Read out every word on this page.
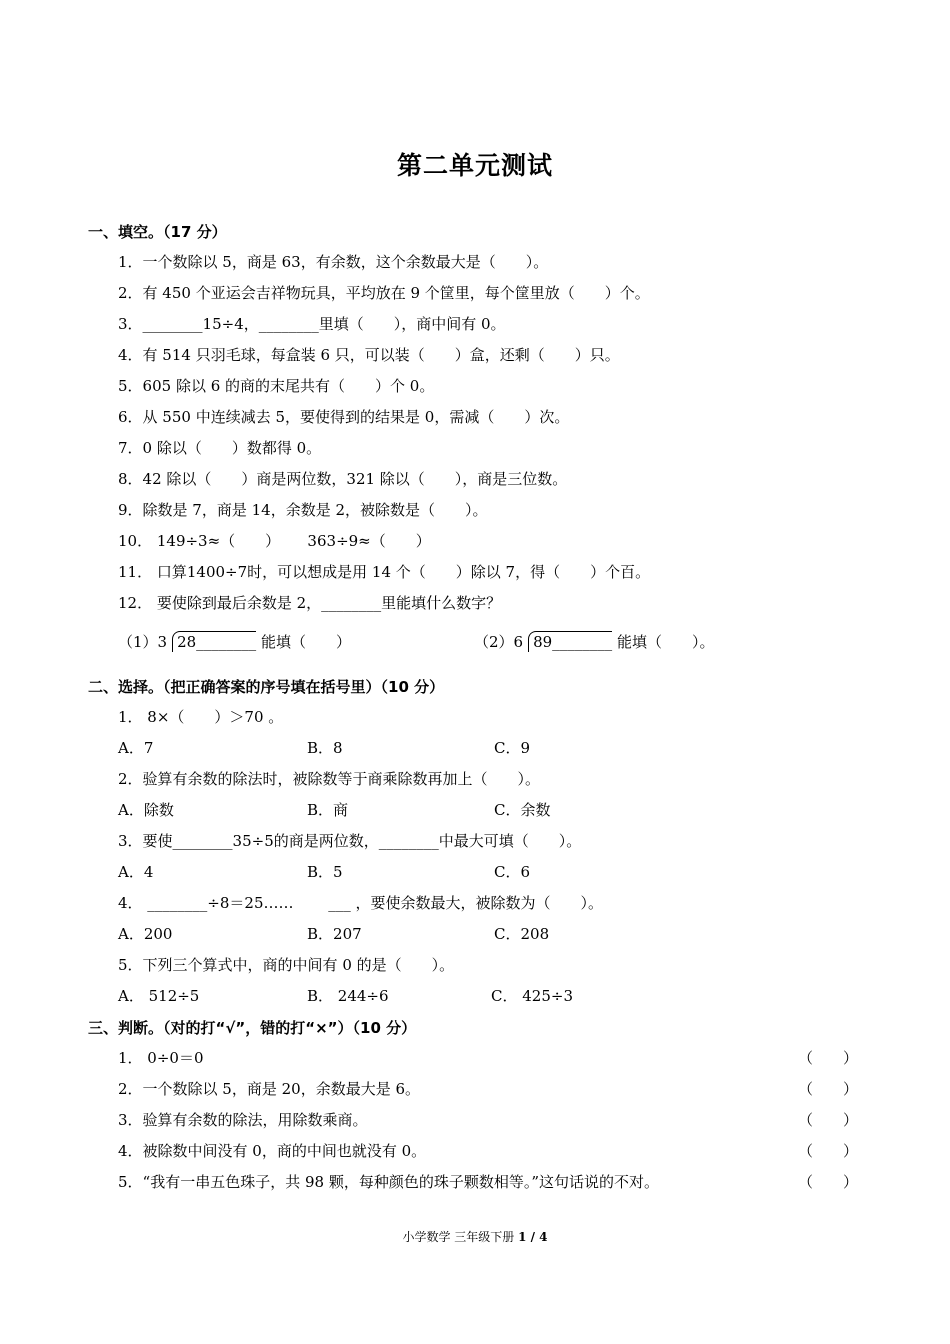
第二单元测试
一、填空。（17 分）
1．一个数除以 5，商是 63，有余数，这个余数最大是（　　）。
2．有 450 个亚运会吉祥物玩具，平均放在 9 个筐里，每个筐里放（　　）个。
3．________15÷4，________里填（　　），商中间有 0。
4．有 514 只羽毛球，每盒装 6 只，可以装（　　）盒，还剩（　　）只。
5．605 除以 6 的商的末尾共有（　　）个 0。
6．从 550 中连续减去 5，要使得到的结果是 0，需减（　　）次。
7．0 除以（　　）数都得 0。
8．42 除以（　　）商是两位数，321 除以（　　），商是三位数。
9．除数是 7，商是 14，余数是 2，被除数是（　　）。
10． 149÷3≈（　　）　　 363÷9≈（　　）
11． 口算1400÷7时，可以想成是用 14 个（　　）除以 7，得（　　）个百。
12． 要使除到最后余数是 2，________里能填什么数字？
（1）3 28________ 能填（　　）	（2）6 89________ 能填（　　）。
二、选择。（把正确答案的序号填在括号里）（10 分）
1． 8×（　　）＞70 。
A．7	B．8	C．9
2．验算有余数的除法时，被除数等于商乘除数再加上（　　）。
A．除数	B．商	C．余数
3．要使________35÷5的商是两位数，________中最大可填（　　）。
A．4	B．5	C．6
4． ________÷8＝25……　　 ___ ，要使余数最大，被除数为（　　）。
A．200	B．207	C．208
5．下列三个算式中，商的中间有 0 的是（　　）。
A． 512÷5	B． 244÷6	C． 425÷3
三、判断。（对的打“√”，错的打“×”）（10 分）
1． 0÷0＝0	（　　）
2．一个数除以 5，商是 20，余数最大是 6。	（　　）
3．验算有余数的除法，用除数乘商。	（　　）
4．被除数中间没有 0，商的中间也就没有 0。	（　　）
5．“我有一串五色珠子，共 98 颗，每种颜色的珠子颗数相等。”这句话说的不对。	（　　）
小学数学 三年级下册 1 / 4
